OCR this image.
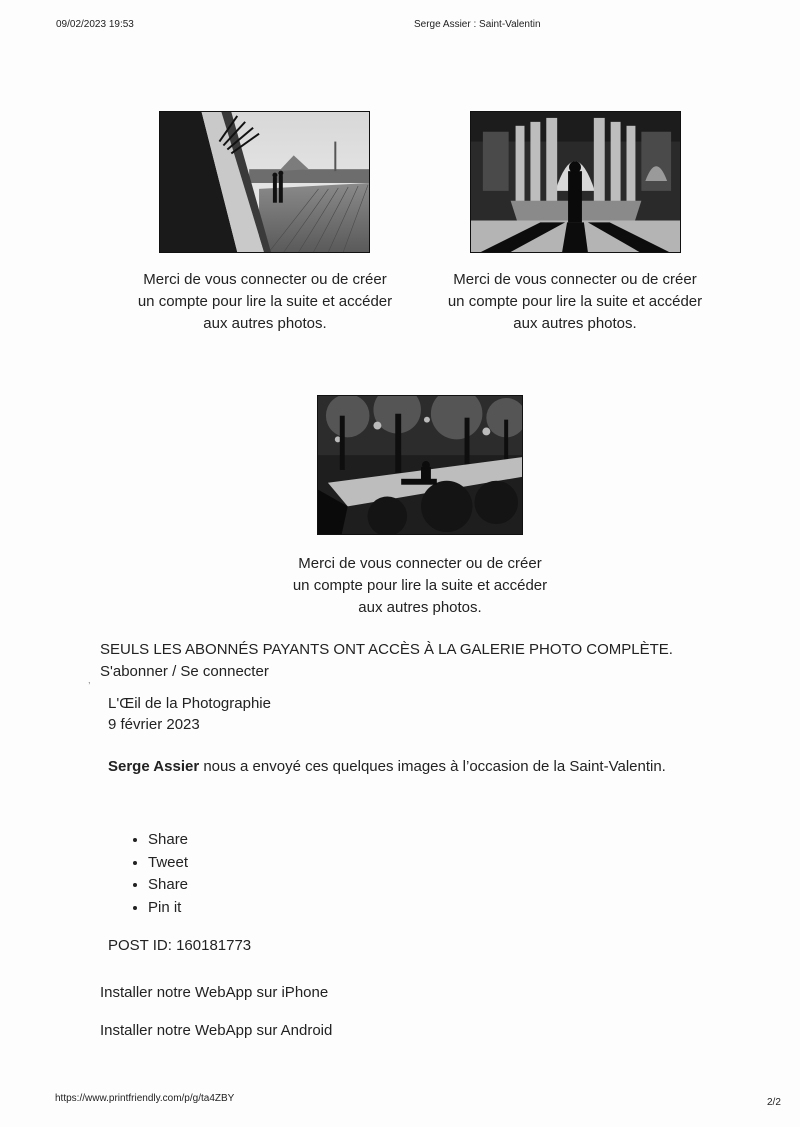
09/02/2023 19:53	Serge Assier : Saint-Valentin
Merci de vous connecter ou de créer
un compte pour lire la suite et accéder
aux autres photos.
Merci de vous connecter ou de créer
un compte pour lire la suite et accéder
aux autres photos.
Merci de vous connecter ou de créer
un compte pour lire la suite et accéder
aux autres photos.
SEULS LES ABONNÉS PAYANTS ONT ACCÈS À LA GALERIE PHOTO COMPLÈTE.
S'abonner / Se connecter
,
L'Œil de la Photographie
9 février 2023
Serge Assier nous a envoyé ces quelques images à l’occasion de la Saint-Valentin.
• Share
• Tweet
• Share
• Pin it
POST ID: 160181773
Installer notre WebApp sur iPhone
Installer notre WebApp sur Android
https://www.printfriendly.com/p/g/ta4ZBY	2/2
